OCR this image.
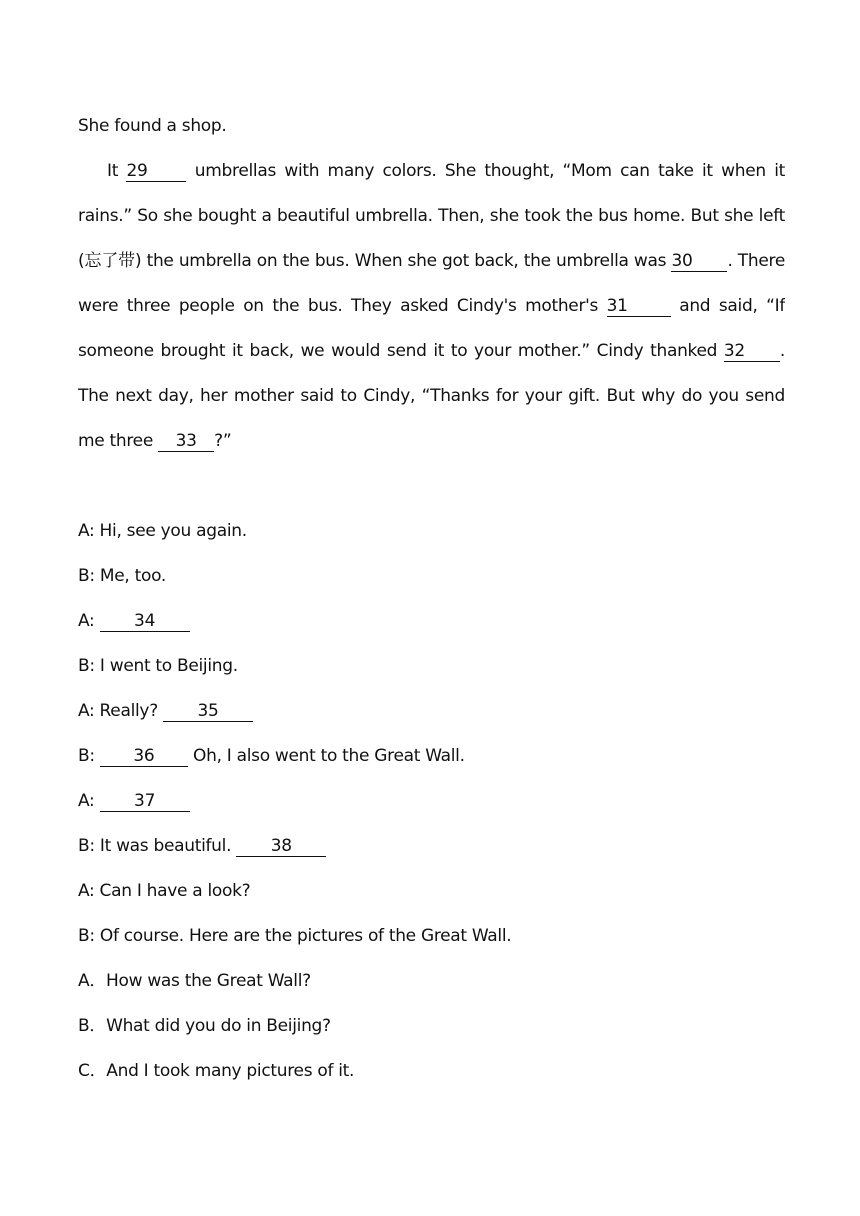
She found a shop.
It 29	umbrellas with many colors. She thought, “Mom can take it when it
rains.” So she bought a beautiful umbrella. Then, she took the bus home. But she left
(忘了带) the umbrella on the bus. When she got back, the umbrella was 30 . There
were three people on the bus. They asked Cindy's mother's 31	and said, “If
someone brought it back, we would send it to your mother.” Cindy thanked 32 .
The next day, her mother said to Cindy, “Thanks for your gift. But why do you send
me three 33 ?”
A: Hi, see you again.
B: Me, too.
A: 34
B: I went to Beijing.
A: Really? 35
B: 36 Oh, I also went to the Great Wall.
A: 37
B: It was beautiful. 38
A: Can I have a look?
B: Of course. Here are the pictures of the Great Wall.
A．How was the Great Wall?
B．What did you do in Beijing?
C．And I took many pictures of it.
